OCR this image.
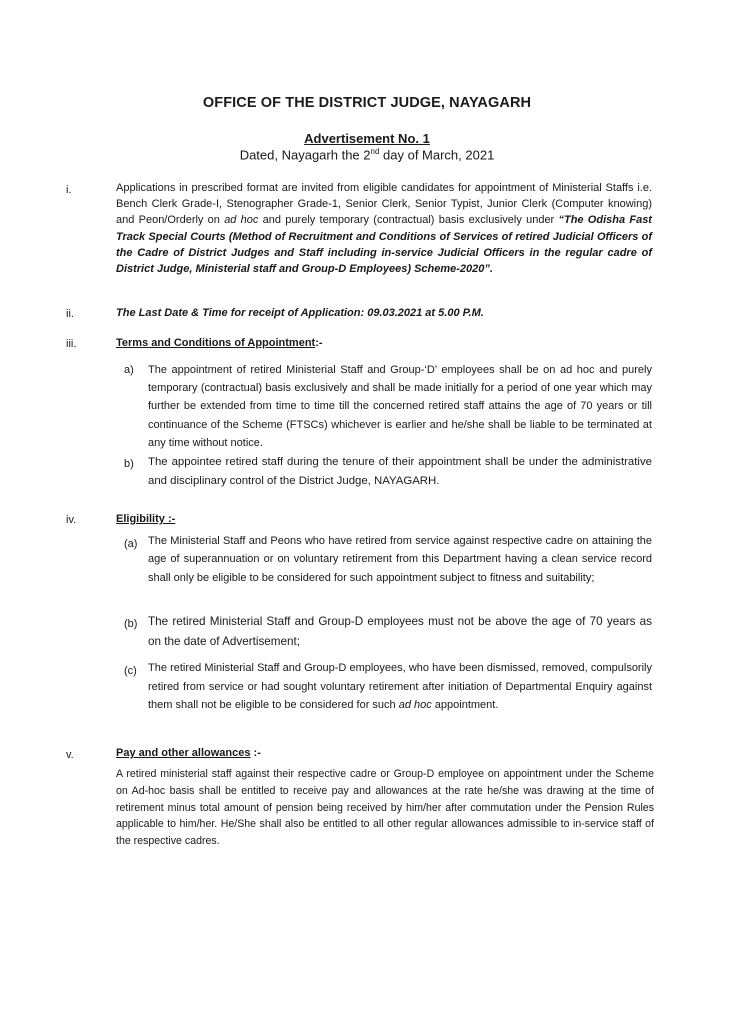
OFFICE OF THE DISTRICT JUDGE, NAYAGARH
Advertisement No. 1
Dated, Nayagarh the 2nd day of March, 2021
i.	Applications in prescribed format are invited from eligible candidates for appointment of Ministerial Staffs i.e. Bench Clerk Grade-I, Stenographer Grade-1, Senior Clerk, Senior Typist, Junior Clerk (Computer knowing) and Peon/Orderly on ad hoc and purely temporary (contractual) basis exclusively under “The Odisha Fast Track Special Courts (Method of Recruitment and Conditions of Services of retired Judicial Officers of the Cadre of District Judges and Staff including in-service Judicial Officers in the regular cadre of District Judge, Ministerial staff and Group-D Employees) Scheme-2020”.
ii.	The Last Date & Time for receipt of Application: 09.03.2021 at 5.00 P.M.
iii.	Terms and Conditions of Appointment:-
a) The appointment of retired Ministerial Staff and Group-‘D’ employees shall be on ad hoc and purely temporary (contractual) basis exclusively and shall be made initially for a period of one year which may further be extended from time to time till the concerned retired staff attains the age of 70 years or till continuance of the Scheme (FTSCs) whichever is earlier and he/she shall be liable to be terminated at any time without notice.
b) The appointee retired staff during the tenure of their appointment shall be under the administrative and disciplinary control of the District Judge, NAYAGARH.
iv.	Eligibility :-
(a) The Ministerial Staff and Peons who have retired from service against respective cadre on attaining the age of superannuation or on voluntary retirement from this Department having a clean service record shall only be eligible to be considered for such appointment subject to fitness and suitability;
(b) The retired Ministerial Staff and Group-D employees must not be above the age of 70 years as on the date of Advertisement;
(c) The retired Ministerial Staff and Group-D employees, who have been dismissed, removed, compulsorily retired from service or had sought voluntary retirement after initiation of Departmental Enquiry against them shall not be eligible to be considered for such ad hoc appointment.
v.	Pay and other allowances :-
A retired ministerial staff against their respective cadre or Group-D employee on appointment under the Scheme on Ad-hoc basis shall be entitled to receive pay and allowances at the rate he/she was drawing at the time of retirement minus total amount of pension being received by him/her after commutation under the Pension Rules applicable to him/her. He/She shall also be entitled to all other regular allowances admissible to in-service staff of the respective cadres.
